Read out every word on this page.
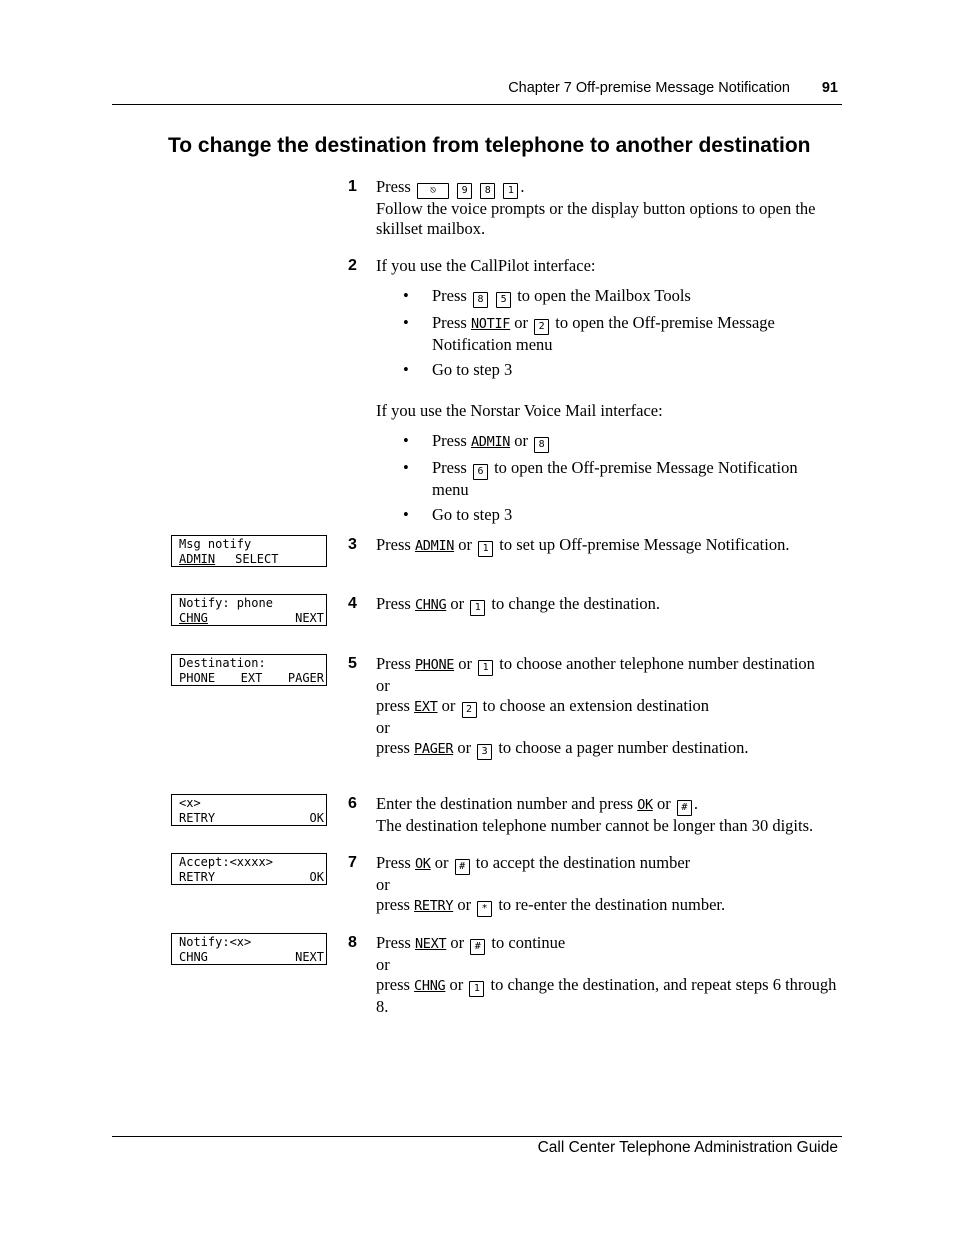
Chapter 7 Off-premise Message Notification	91
To change the destination from telephone to another destination
1 Press ⎋	9 8 1 .
Follow the voice prompts or the display button options to open the skillset mailbox.
2 If you use the CallPilot interface:
• Press 8 5 to open the Mailbox Tools
• Press NOTIF or 2 to open the Off-premise Message Notification menu
• Go to step 3
If you use the Norstar Voice Mail interface:
• Press ADMIN or 8
• Press 6 to open the Off-premise Message Notification menu
• Go to step 3
Msg notify
ADMIN SELECT
3 Press ADMIN or 1 to set up Off-premise Message Notification.
Notify: phone
CHNG	NEXT
4 Press CHNG or 1 to change the destination.
Destination:
PHONE EXT PAGER
5 Press PHONE or 1 to choose another telephone number destination
or
press EXT or 2 to choose an extension destination
or
press PAGER or 3 to choose a pager number destination.
<x>
RETRY	OK
6 Enter the destination number and press OK or # .
The destination telephone number cannot be longer than 30 digits.
Accept:<xxxx>
RETRY	OK
7 Press OK or # to accept the destination number
or
press RETRY or * to re-enter the destination number.
Notify:<x>
CHNG	NEXT
8 Press NEXT or # to continue
or
press CHNG or 1 to change the destination, and repeat steps 6 through 8.
Call Center Telephone Administration Guide
